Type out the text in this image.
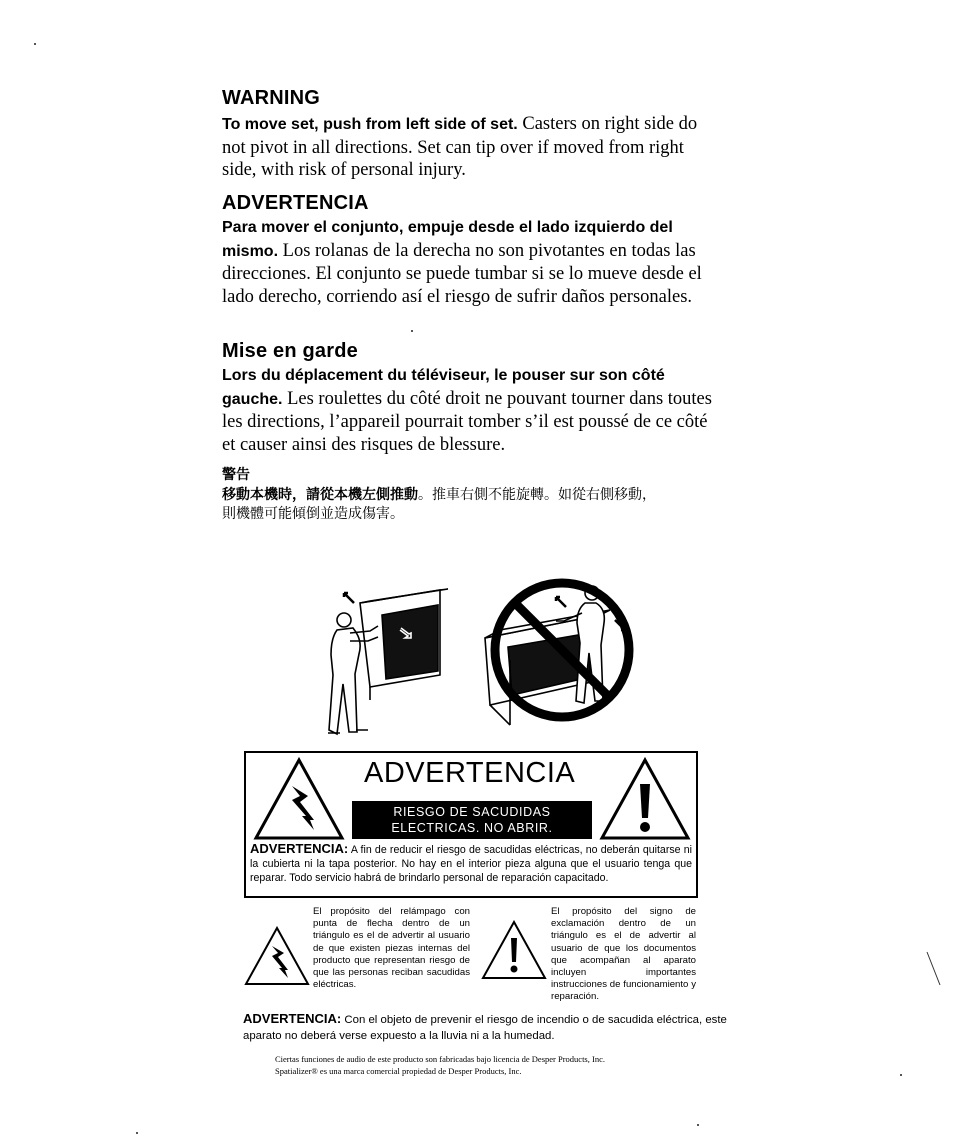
WARNING
To move set, push from left side of set. Casters on right side do not pivot in all directions. Set can tip over if moved from right side, with risk of personal injury.
ADVERTENCIA
Para mover el conjunto, empuje desde el lado izquierdo del mismo. Los rolanas de la derecha no son pivotantes en todas las direcciones. El conjunto se puede tumbar si se lo mueve desde el lado derecho, corriendo así el riesgo de sufrir daños personales.
Mise en garde
Lors du déplacement du téléviseur, le pouser sur son côté gauche. Les roulettes du côté droit ne pouvant tourner dans toutes les directions, l’appareil pourrait tomber s’il est poussé de ce côté et causer ainsi des risques de blessure.
警告
移動本機時，請從本機左側推動。推車右側不能旋轉。如從右側移動，
則機體可能傾倒並造成傷害。
ADVERTENCIA
RIESGO DE SACUDIDAS
ELECTRICAS. NO ABRIR.
ADVERTENCIA: A fin de reducir el riesgo de sacudidas eléctricas, no deberán quitarse ni la cubierta ni la tapa posterior. No hay en el interior pieza alguna que el usuario tenga que reparar. Todo servicio habrá de brindarlo personal de reparación capacitado.
El propósito del relámpago con punta de flecha dentro de un triángulo es el de advertir al usuario de que existen piezas internas del producto que representan riesgo de que las personas reciban sacudidas eléctricas.
El propósito del signo de exclamación dentro de un triángulo es el de advertir al usuario de que los documentos que acompañan al aparato incluyen importantes instrucciones de funcionamiento y reparación.
ADVERTENCIA: Con el objeto de prevenir el riesgo de incendio o de sacudida eléctrica, este aparato no deberá verse expuesto a la lluvia ni a la humedad.
Ciertas funciones de audio de este producto son fabricadas bajo licencia de Desper Products, Inc.
Spatializer® es una marca comercial propiedad de Desper Products, Inc.
